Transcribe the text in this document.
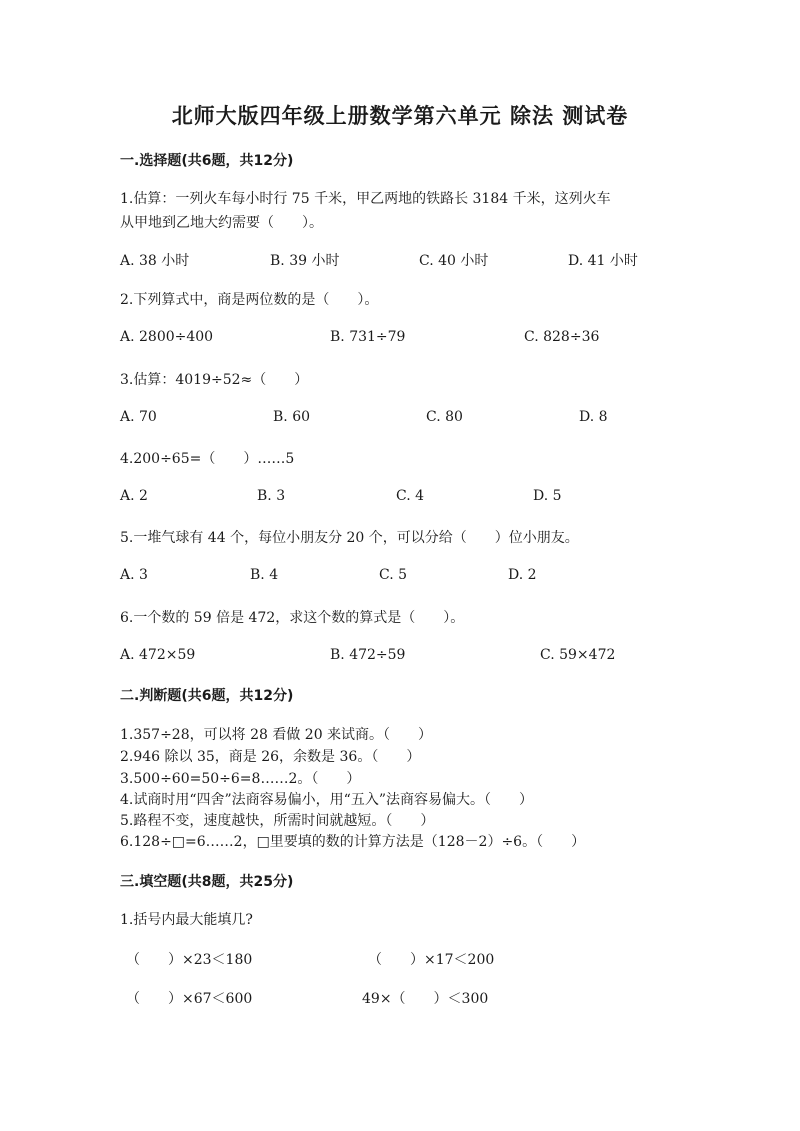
北师大版四年级上册数学第六单元 除法 测试卷
一.选择题(共6题，共12分)
1.估算：一列火车每小时行 75 千米，甲乙两地的铁路长 3184 千米，这列火车
从甲地到乙地大约需要（　　）。
A. 38 小时	B. 39 小时	C. 40 小时	D. 41 小时
2.下列算式中，商是两位数的是（　　）。
A. 2800÷400	B. 731÷79	C. 828÷36
3.估算：4019÷52≈（　　）
A. 70	B. 60	C. 80	D. 8
4.200÷65=（　　）……5
A. 2	B. 3	C. 4	D. 5
5.一堆气球有 44 个，每位小朋友分 20 个，可以分给（　　）位小朋友。
A. 3	B. 4	C. 5	D. 2
6.一个数的 59 倍是 472，求这个数的算式是（　　）。
A. 472×59	B. 472÷59	C. 59×472
二.判断题(共6题，共12分)
1.357÷28，可以将 28 看做 20 来试商。（　　）
2.946 除以 35，商是 26，余数是 36。（　　）
3.500÷60=50÷6=8……2。（　　）
4.试商时用“四舍”法商容易偏小，用“五入”法商容易偏大。（　　）
5.路程不变，速度越快，所需时间就越短。（　　）
6.128÷□=6……2，□里要填的数的计算方法是（128－2）÷6。（　　）
三.填空题(共8题，共25分)
1.括号内最大能填几?
（　　）×23＜180	（　　）×17＜200
（　　）×67＜600	49×（　　）＜300
